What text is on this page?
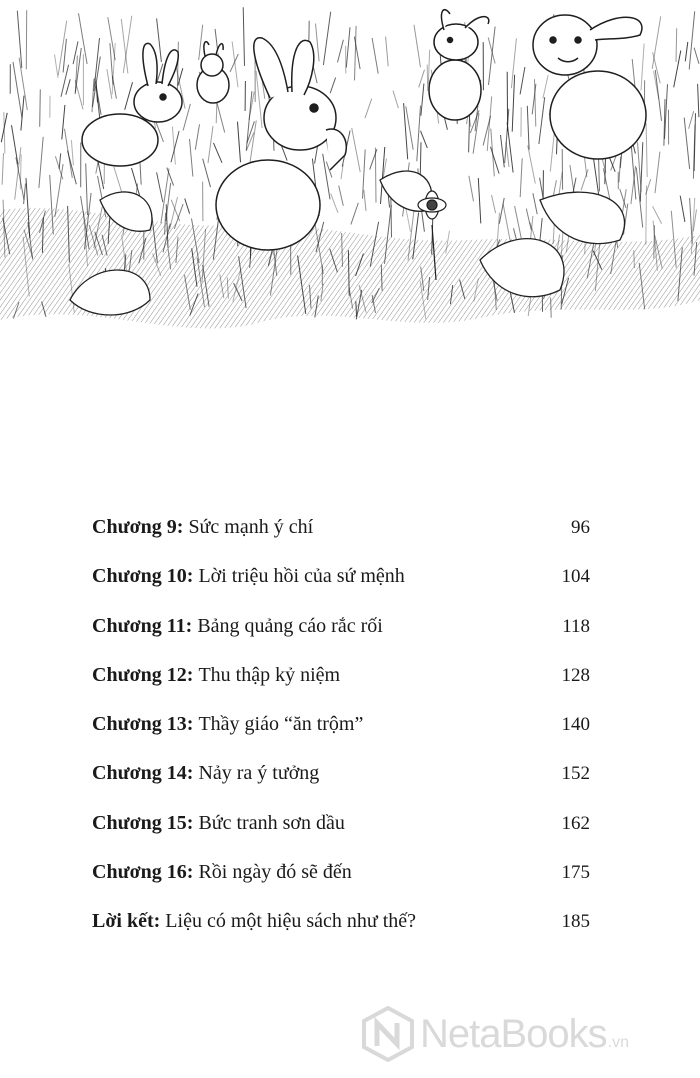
Chương 9: Sức mạnh ý chí	96
Chương 10: Lời triệu hồi của sứ mệnh	104
Chương 11: Bảng quảng cáo rắc rối	118
Chương 12: Thu thập kỷ niệm	128
Chương 13: Thầy giáo “ăn trộm”	140
Chương 14: Nảy ra ý tưởng	152
Chương 15: Bức tranh sơn dầu	162
Chương 16: Rồi ngày đó sẽ đến	175
Lời kết: Liệu có một hiệu sách như thế?	185
NetaBooks .vn
